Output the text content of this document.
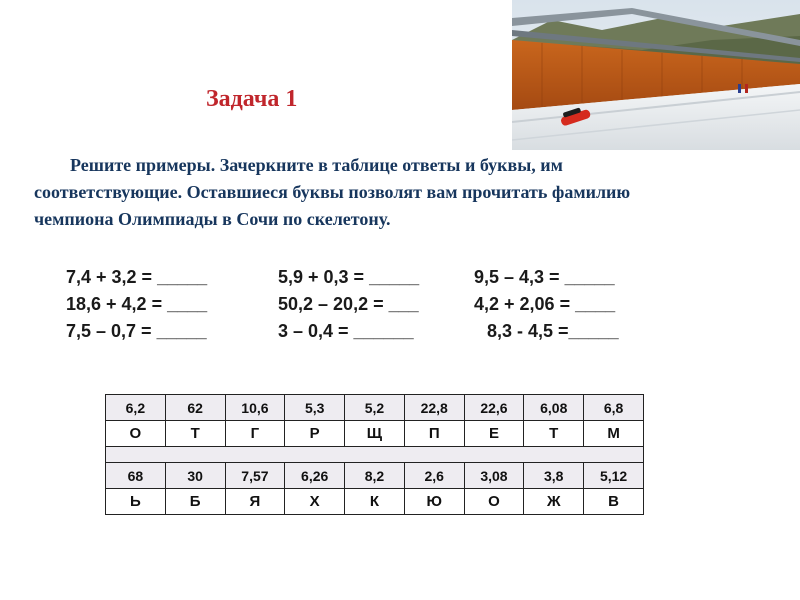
Задача 1
Решите примеры. Зачеркните в таблице ответы и буквы, им соответствующие. Оставшиеся буквы позволят вам прочитать фамилию чемпиона Олимпиады в Сочи по скелетону.
7,4 + 3,2 = _____	5,9 + 0,3 = _____	9,5 – 4,3 = _____
18,6 + 4,2 = ____	50,2 – 20,2 = ___	4,2 + 2,06 = ____
7,5 – 0,7 = _____	3 – 0,4 = ______	8,3 - 4,5 =_____
6,2	62	10,6	5,3	5,2	22,8	22,6	6,08	6,8
О	Т	Г	Р	Щ	П	Е	Т	М

68	30	7,57	6,26	8,2	2,6	3,08	3,8	5,12
Ь	Б	Я	Х	К	Ю	О	Ж	В
